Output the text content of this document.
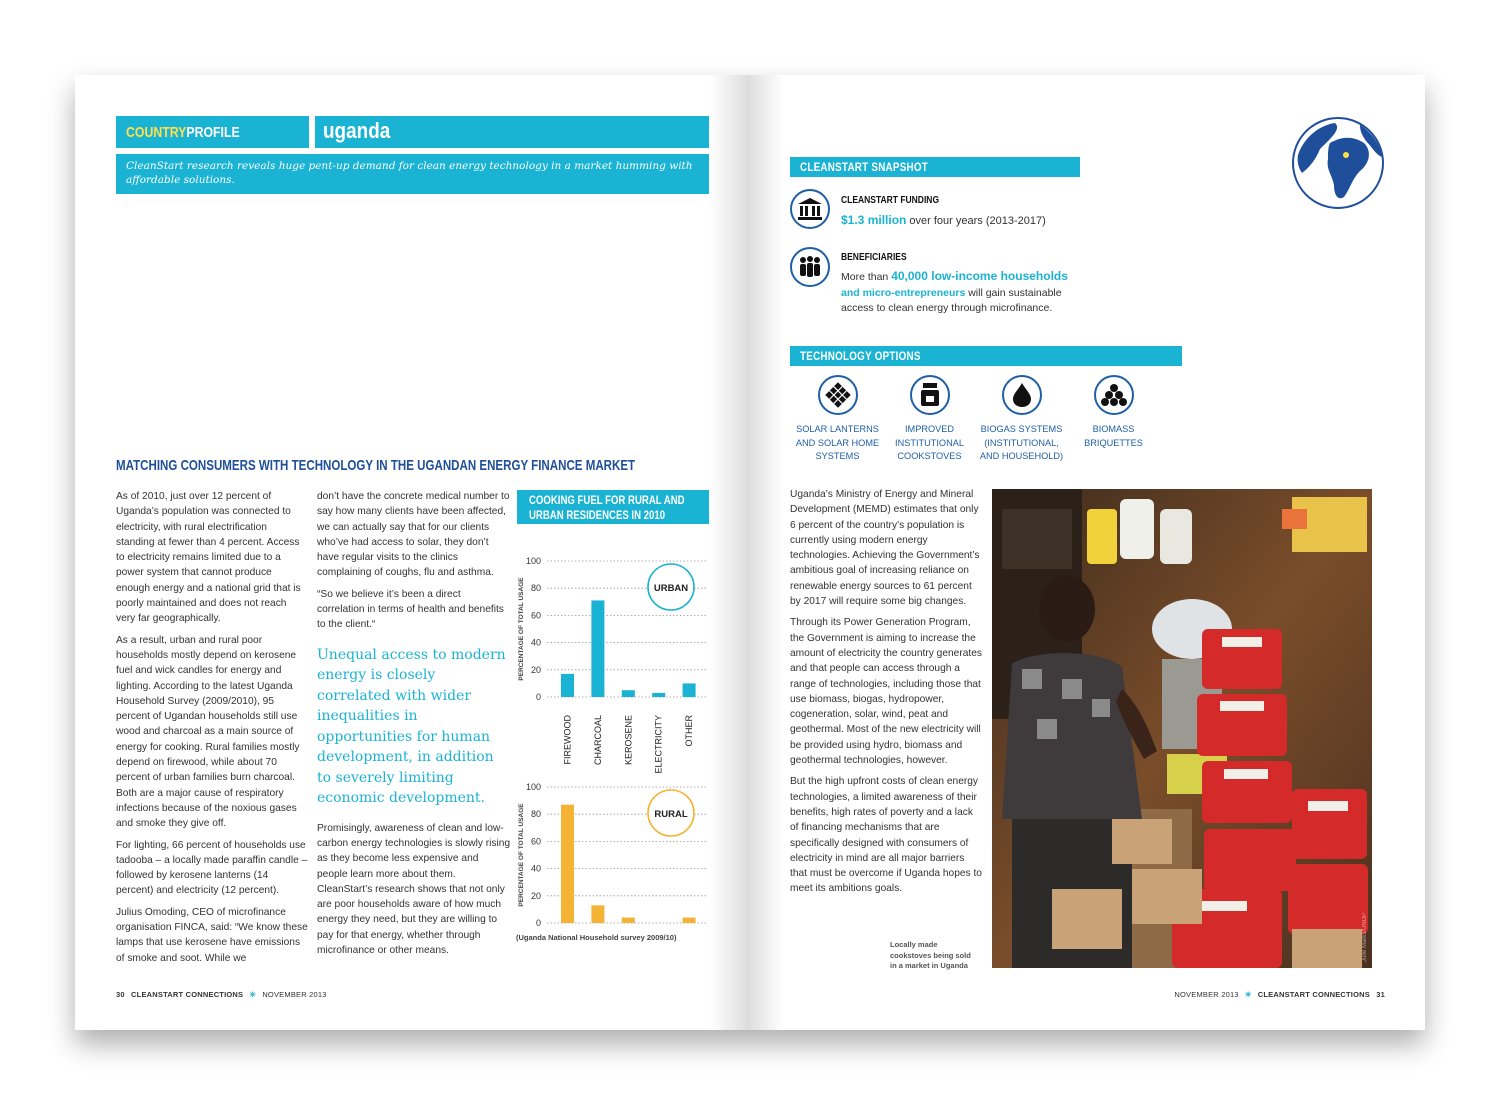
COUNTRYPROFILE	uganda
CleanStart research reveals huge pent-up demand for clean energy technology in a market humming with affordable solutions.
MATCHING CONSUMERS WITH TECHNOLOGY IN THE UGANDAN ENERGY FINANCE MARKET

As of 2010, just over 12 percent of Uganda’s population was connected to electricity, with rural electrification standing at fewer than 4 percent. Access to electricity remains limited due to a power system that cannot produce enough energy and a national grid that is poorly maintained and does not reach very far geographically.

As a result, urban and rural poor households mostly depend on kerosene fuel and wick candles for energy and lighting. According to the latest Uganda Household Survey (2009/2010), 95 percent of Ugandan households still use wood and charcoal as a main source of energy for cooking. Rural families mostly depend on firewood, while about 70 percent of urban families burn charcoal. Both are a major cause of respiratory infections because of the noxious gases and smoke they give off.

For lighting, 66 percent of households use tadooba – a locally made paraffin candle – followed by kerosene lanterns (14 percent) and electricity (12 percent).

Julius Omoding, CEO of microfinance organisation FINCA, said: “We know these lamps that use kerosene have emissions of smoke and soot. While we

don’t have the concrete medical number to say how many clients have been affected, we can actually say that for our clients who’ve had access to solar, they don’t have regular visits to the clinics complaining of coughs, flu and asthma.

“So we believe it’s been a direct correlation in terms of health and benefits to the client.“

Unequal access to modern energy is closely correlated with wider inequalities in opportunities for human development, in addition to severely limiting economic development.

Promisingly, awareness of clean and low-carbon energy technologies is slowly rising as they become less expensive and people learn more about them. CleanStart’s research shows that not only are poor households aware of how much energy they need, but they are willing to pay for that energy, whether through microfinance or other means.

COOKING FUEL FOR RURAL AND
URBAN RESIDENCES IN 2010
100
80
60
40
20
0
PERCENTAGE OF TOTAL USAGE
FIREWOOD CHARCOAL KEROSENE ELECTRICITY OTHER
URBAN
100
80
60
40
20
0
PERCENTAGE OF TOTAL USAGE	RURAL
(Uganda National Household survey 2009/10)
30 CLEANSTART CONNECTIONS ✳ NOVEMBER 2013
CLEANSTART SNAPSHOT
CLEANSTART FUNDING
$1.3 million over four years (2013-2017)
BENEFICIARIES
More than 40,000 low-income households
and micro-entrepreneurs will gain sustainable
access to clean energy through microfinance.
TECHNOLOGY OPTIONS
SOLAR LANTERNS
AND SOLAR HOME
SYSTEMS
IMPROVED
INSTITUTIONAL
COOKSTOVES
BIOGAS SYSTEMS
(INSTITUTIONAL,
AND HOUSEHOLD)
BIOMASS
BRIQUETTES

Uganda’s Ministry of Energy and Mineral Development (MEMD) estimates that only 6 percent of the country’s population is currently using modern energy technologies. Achieving the Government’s ambitious goal of increasing reliance on renewable energy sources to 61 percent by 2017 will require some big changes.

Through its Power Generation Program, the Government is aiming to increase the amount of electricity the country generates and that people can access through a range of technologies, including those that use biomass, biogas, hydropower, cogeneration, solar, wind, peat and geothermal. Most of the new electricity will be provided using hydro, biomass and geothermal technologies, however.

But the high upfront costs of clean energy technologies, a limited awareness of their benefits, high rates of poverty and a lack of financing mechanisms that are specifically designed with consumers of electricity in mind are all major barriers that must be overcome if Uganda hopes to meet its ambitions goals.

Locally made cookstoves being sold in a market in Uganda
Julie Marks/UNDP
NOVEMBER 2013 ✳ CLEANSTART CONNECTIONS 31
